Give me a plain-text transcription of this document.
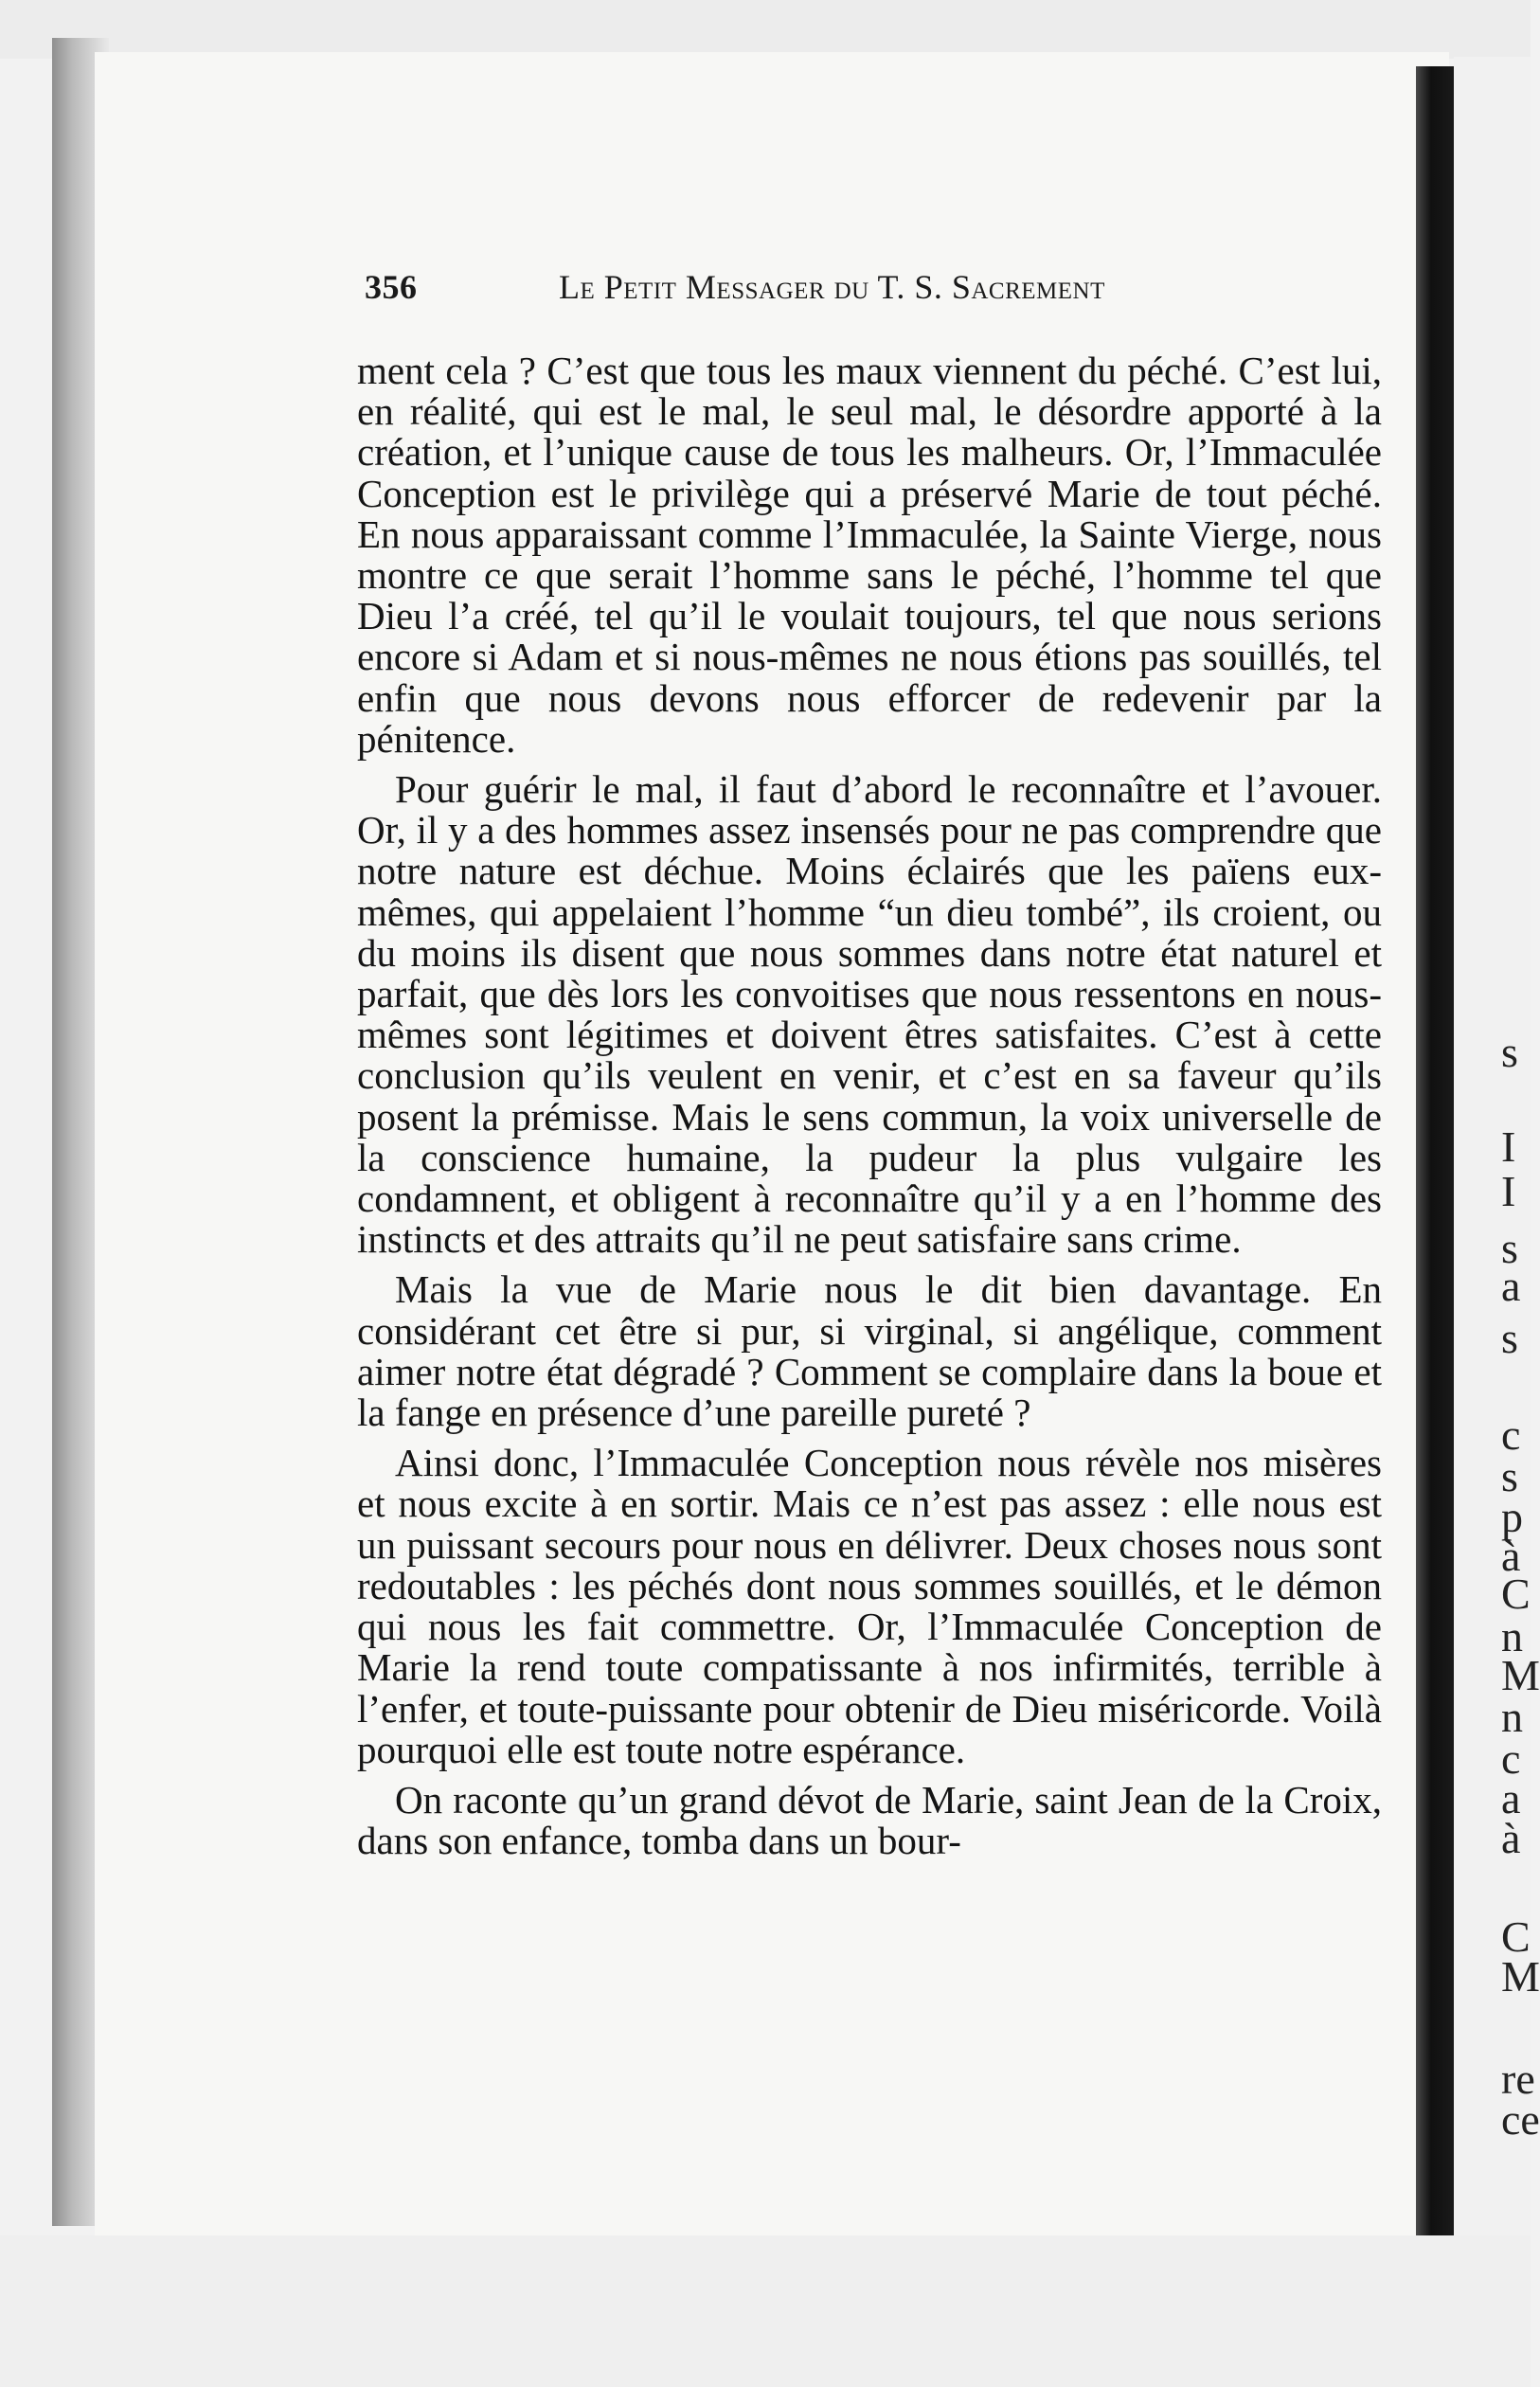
356	Le Petit Messager du T. S. Sacrement

ment cela ? C’est que tous les maux viennent du péché. C’est lui, en réalité, qui est le mal, le seul mal, le désordre apporté à la création, et l’unique cause de tous les malheurs. Or, l’Immaculée Conception est le privilège qui a préservé Marie de tout péché. En nous apparaissant comme l’Immaculée, la Sainte Vierge, nous montre ce que serait l’homme sans le péché, l’homme tel que Dieu l’a créé, tel qu’il le voulait toujours, tel que nous serions encore si Adam et si nous-mêmes ne nous étions pas souillés, tel enfin que nous devons nous efforcer de redevenir par la pénitence.

Pour guérir le mal, il faut d’abord le reconnaître et l’avouer. Or, il y a des hommes assez insensés pour ne pas comprendre que notre nature est déchue. Moins éclairés que les païens eux-mêmes, qui appelaient l’homme “un dieu tombé”, ils croient, ou du moins ils disent que nous sommes dans notre état naturel et parfait, que dès lors les convoitises que nous ressentons en nous-mêmes sont légitimes et doivent êtres satisfaites. C’est à cette conclusion qu’ils veulent en venir, et c’est en sa faveur qu’ils posent la prémisse. Mais le sens commun, la voix universelle de la conscience humaine, la pudeur la plus vulgaire les condamnent, et obligent à reconnaître qu’il y a en l’homme des instincts et des attraits qu’il ne peut satisfaire sans crime.

Mais la vue de Marie nous le dit bien davantage. En considérant cet être si pur, si virginal, si angélique, comment aimer notre état dégradé ? Comment se complaire dans la boue et la fange en présence d’une pareille pureté ?

Ainsi donc, l’Immaculée Conception nous révèle nos misères et nous excite à en sortir. Mais ce n’est pas assez : elle nous est un puissant secours pour nous en délivrer. Deux choses nous sont redoutables : les péchés dont nous sommes souillés, et le démon qui nous les fait commettre. Or, l’Immaculée Conception de Marie la rend toute compatissante à nos infirmités, terrible à l’enfer, et toute-puissante pour obtenir de Dieu miséricorde. Voilà pourquoi elle est toute notre espérance.

On raconte qu’un grand dévot de Marie, saint Jean de la Croix, dans son enfance, tomba dans un bour-

s
I
I
s
a
s
c
s
p
à
C
n
M
n
c
a
à
C
M
re
ce
